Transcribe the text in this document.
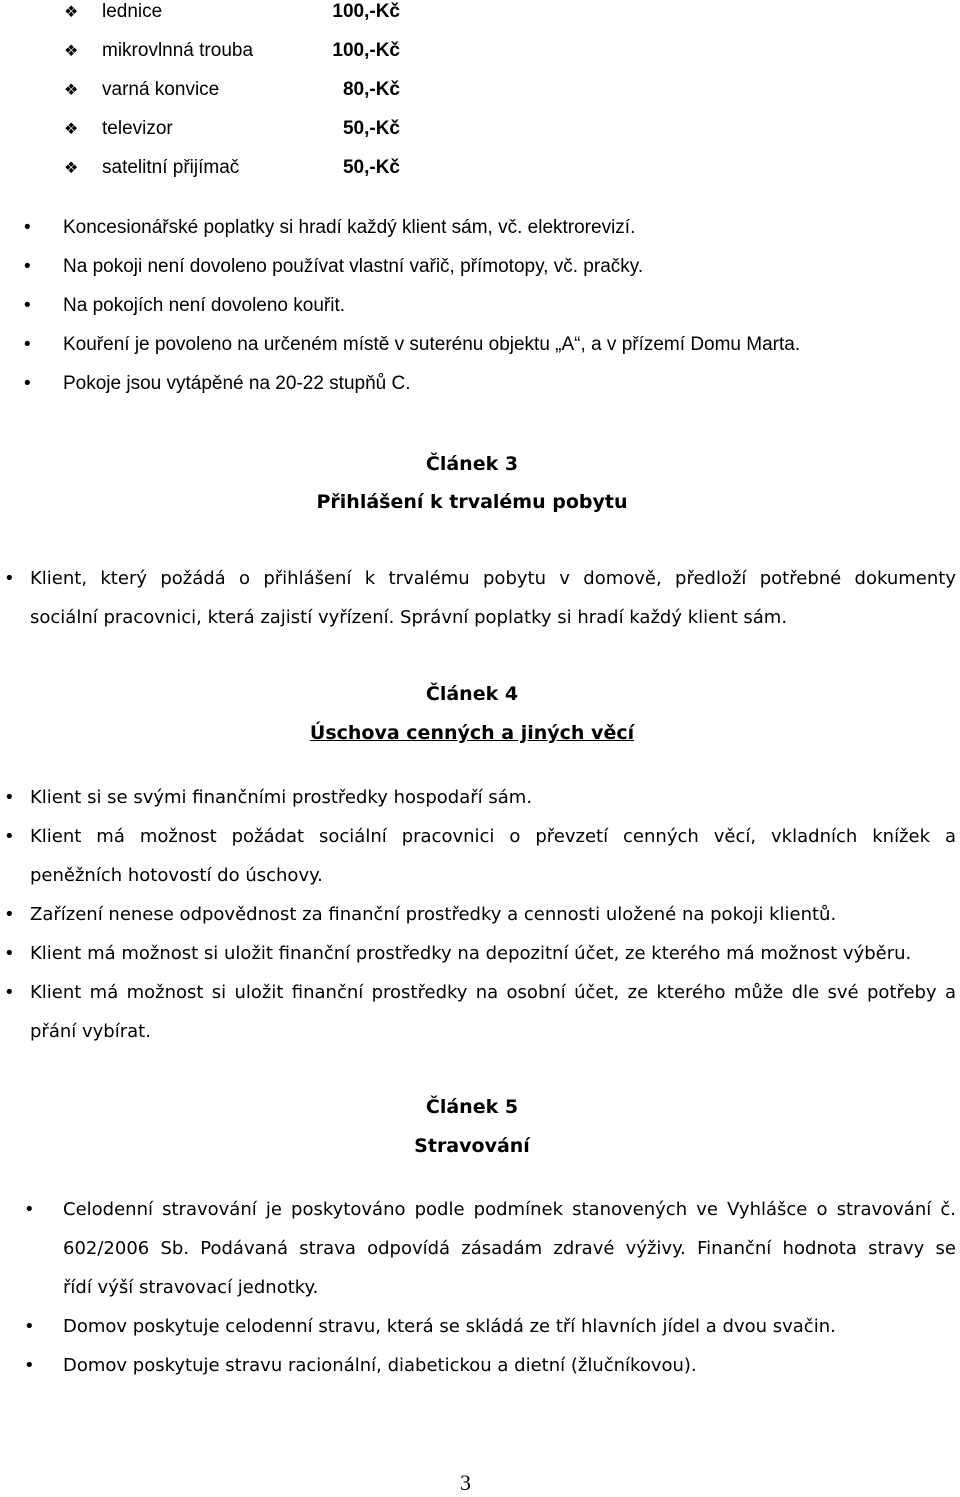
❖ lednice	100,-Kč
❖ mikrovlnná trouba	100,-Kč
❖ varná konvice	80,-Kč
❖ televizor	50,-Kč
❖ satelitní přijímač	50,-Kč
• Koncesionářské poplatky si hradí každý klient sám, vč. elektrorevizí.
• Na pokoji není dovoleno používat vlastní vařič, přímotopy, vč. pračky.
• Na pokojích není dovoleno kouřit.
• Kouření je povoleno na určeném místě v suterénu objektu „A“, a v přízemí Domu Marta.
• Pokoje jsou vytápěné na 20-22 stupňů C.
Článek 3
Přihlášení k trvalému pobytu
• Klient, který požádá o přihlášení k trvalému pobytu v domově, předloží potřebné dokumenty
sociální pracovnici, která zajistí vyřízení. Správní poplatky si hradí každý klient sám.
Článek 4
Úschova cenných a jiných věcí
• Klient si se svými finančními prostředky hospodaří sám.
• Klient má možnost požádat sociální pracovnici o převzetí cenných věcí, vkladních knížek a
peněžních hotovostí do úschovy.
• Zařízení nenese odpovědnost za finanční prostředky a cennosti uložené na pokoji klientů.
• Klient má možnost si uložit finanční prostředky na depozitní účet, ze kterého má možnost výběru.
• Klient má možnost si uložit finanční prostředky na osobní účet, ze kterého může dle své potřeby a
přání vybírat.
Článek 5
Stravování
• Celodenní stravování je poskytováno podle podmínek stanovených ve Vyhlášce o stravování č.
602/2006 Sb. Podávaná strava odpovídá zásadám zdravé výživy. Finanční hodnota stravy se
řídí výší stravovací jednotky.
• Domov poskytuje celodenní stravu, která se skládá ze tří hlavních jídel a dvou svačin.
• Domov poskytuje stravu racionální, diabetickou a dietní (žlučníkovou).
3
